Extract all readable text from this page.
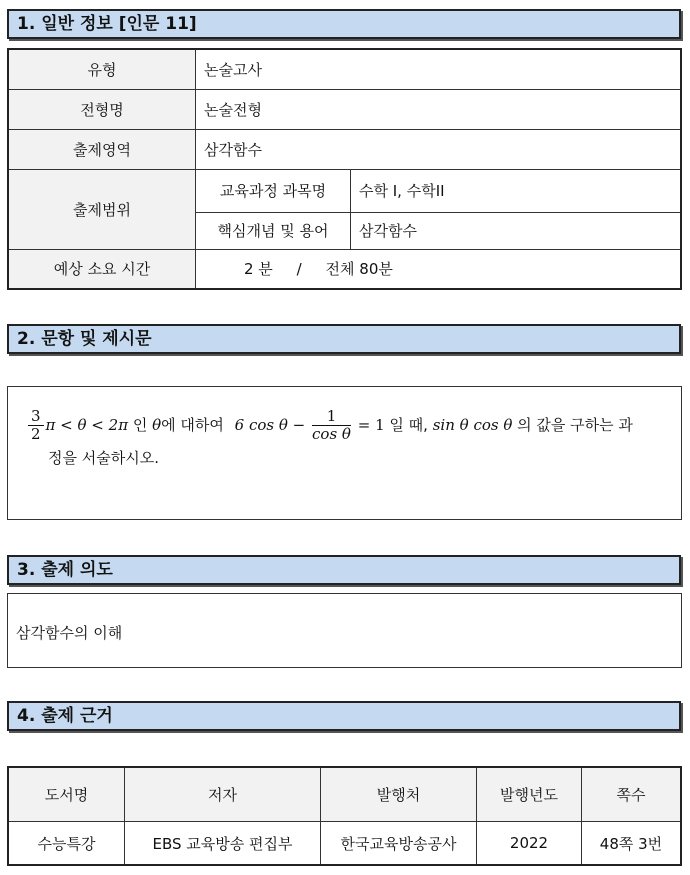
1. 일반 정보 [인문 11]
유형	논술고사	
전형명	논술전형	
출제영역	삼각함수	
출제범위	교육과정 과목명	수학 I, 수학II
	핵심개념 및 용어	삼각함수
예상 소요 시간	2 분     /     전체 80분	
2. 문항 및 제시문
$\frac{3}{2}$ π < θ < 2π 인 θ에 대하여 6 $\cos \theta - \frac{1}{\text{cos θ}} = 1$ 일 때, sin θ cos θ 의 값을 구하는 과
정을 서술하시오.
3. 출제 의도
삼각함수의 이해
4. 출제 근거
도서명	저자	발행처	발행년도	쪽수
수능특강	EBS 교육방송 편집부	한국교육방송공사	2022	48쪽 3번
